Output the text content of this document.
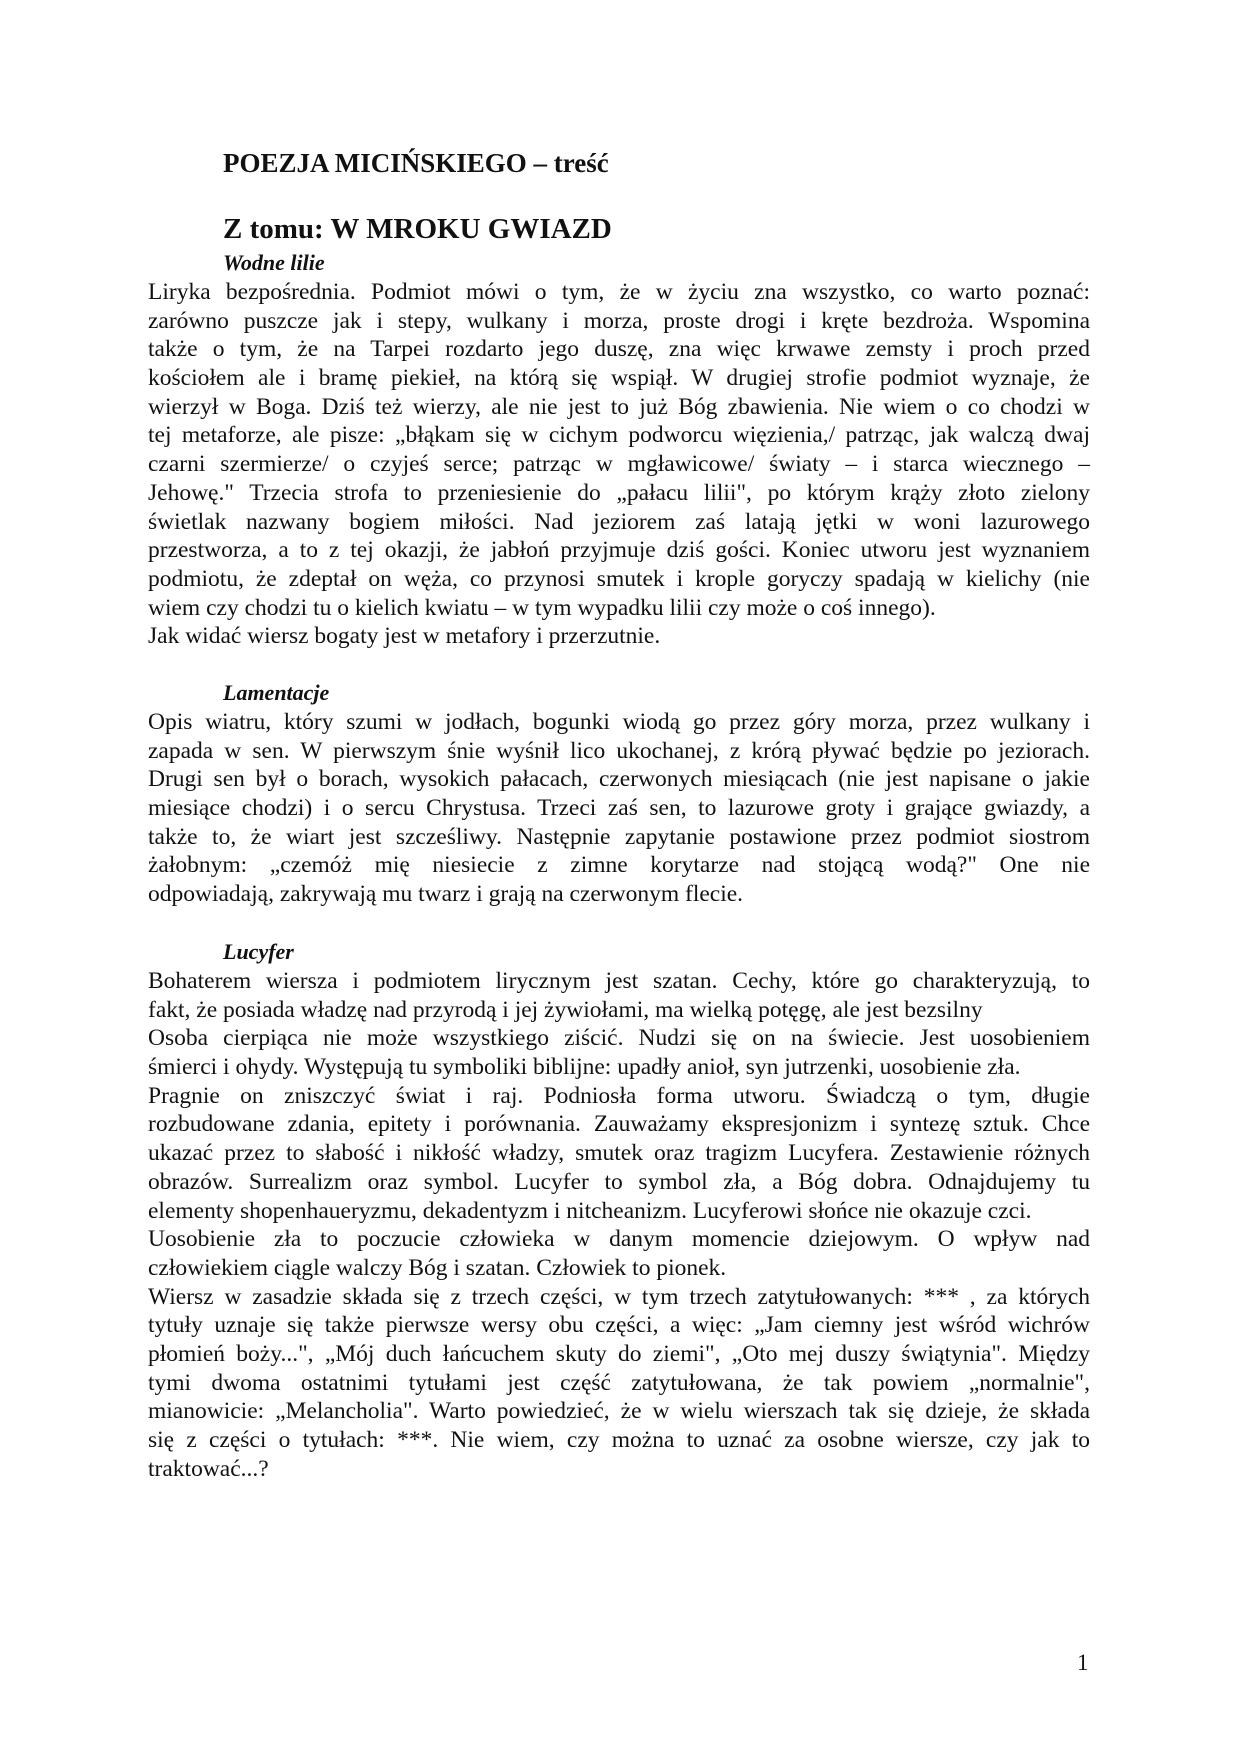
POEZJA MICIŃSKIEGO – treść
Z tomu: W MROKU GWIAZD
Wodne lilie
Liryka bezpośrednia. Podmiot mówi o tym, że w życiu zna wszystko, co warto poznać:
zarówno puszcze jak i stepy, wulkany i morza, proste drogi i kręte bezdroża. Wspomina
także o tym, że na Tarpei rozdarto jego duszę, zna więc krwawe zemsty i proch przed
kościołem ale i bramę piekieł, na którą się wspiął. W drugiej strofie podmiot wyznaje, że
wierzył w Boga. Dziś też wierzy, ale nie jest to już Bóg zbawienia. Nie wiem o co chodzi w
tej metaforze, ale pisze: „błąkam się w cichym podworcu więzienia,/ patrząc, jak walczą dwaj
czarni szermierze/ o czyjeś serce; patrząc w mgławicowe/ światy – i starca wiecznego –
Jehowę." Trzecia strofa to przeniesienie do „pałacu lilii", po którym krąży złoto zielony
świetlak nazwany bogiem miłości. Nad jeziorem zaś latają jętki w woni lazurowego
przestworza, a to z tej okazji, że jabłoń przyjmuje dziś gości. Koniec utworu jest wyznaniem
podmiotu, że zdeptał on węża, co przynosi smutek i krople goryczy spadają w kielichy (nie
wiem czy chodzi tu o kielich kwiatu – w tym wypadku lilii czy może o coś innego).
Jak widać wiersz bogaty jest w metafory i przerzutnie.
Lamentacje
Opis wiatru, który szumi w jodłach, bogunki wiodą go przez góry morza, przez wulkany i
zapada w sen. W pierwszym śnie wyśnił lico ukochanej, z krórą pływać będzie po jeziorach.
Drugi sen był o borach, wysokich pałacach, czerwonych miesiącach (nie jest napisane o jakie
miesiące chodzi) i o sercu Chrystusa. Trzeci zaś sen, to lazurowe groty i grające gwiazdy, a
także to, że wiart jest szcześliwy. Następnie zapytanie postawione przez podmiot siostrom
żałobnym: „czemóż mię niesiecie z zimne korytarze nad stojącą wodą?" One nie
odpowiadają, zakrywają mu twarz i grają na czerwonym flecie.
Lucyfer
Bohaterem wiersza i podmiotem lirycznym jest szatan. Cechy, które go charakteryzują, to
fakt, że posiada władzę nad przyrodą i jej żywiołami, ma wielką potęgę, ale jest bezsilny
Osoba cierpiąca nie może wszystkiego ziścić. Nudzi się on na świecie. Jest uosobieniem
śmierci i ohydy. Występują tu symboliki biblijne: upadły anioł, syn jutrzenki, uosobienie zła.
Pragnie on zniszczyć świat i raj. Podniosła forma utworu. Świadczą o tym, długie
rozbudowane zdania, epitety i porównania. Zauważamy ekspresjonizm i syntezę sztuk. Chce
ukazać przez to słabość i nikłość władzy, smutek oraz tragizm Lucyfera. Zestawienie różnych
obrazów. Surrealizm oraz symbol. Lucyfer to symbol zła, a Bóg dobra. Odnajdujemy tu
elementy shopenhaueryzmu, dekadentyzm i nitcheanizm. Lucyferowi słońce nie okazuje czci.
Uosobienie zła to poczucie człowieka w danym momencie dziejowym. O wpływ nad
człowiekiem ciągle walczy Bóg i szatan. Człowiek to pionek.
Wiersz w zasadzie składa się z trzech części, w tym trzech zatytułowanych: *** , za których
tytuły uznaje się także pierwsze wersy obu części, a więc: „Jam ciemny jest wśród wichrów
płomień boży...", „Mój duch łańcuchem skuty do ziemi", „Oto mej duszy świątynia". Między
tymi dwoma ostatnimi tytułami jest część zatytułowana, że tak powiem „normalnie",
mianowicie: „Melancholia". Warto powiedzieć, że w wielu wierszach tak się dzieje, że składa
się z części o tytułach: ***. Nie wiem, czy można to uznać za osobne wiersze, czy jak to
traktować...?
1
